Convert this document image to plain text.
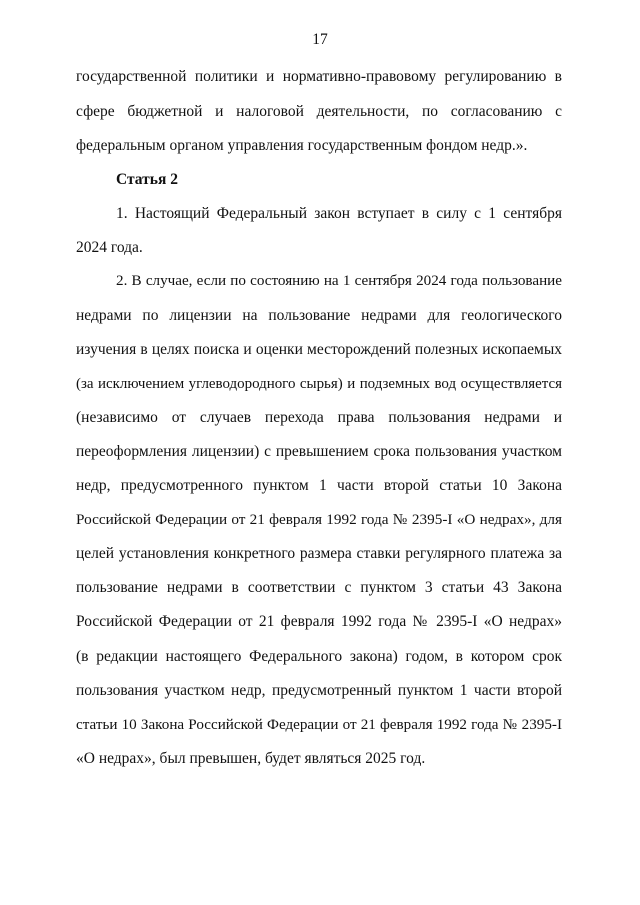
17
государственной политики и нормативно-правовому регулированию в
сфере бюджетной и налоговой деятельности, по согласованию с
федеральным органом управления государственным фондом недр.».
Статья 2
1. Настоящий Федеральный закон вступает в силу с 1 сентября
2024 года.
2. В случае, если по состоянию на 1 сентября 2024 года пользование
недрами по лицензии на пользование недрами для геологического
изучения в целях поиска и оценки месторождений полезных ископаемых
(за исключением углеводородного сырья) и подземных вод осуществляется
(независимо от случаев перехода права пользования недрами и
переоформления лицензии) с превышением срока пользования участком
недр, предусмотренного пунктом 1 части второй статьи 10 Закона
Российской Федерации от 21 февраля 1992 года № 2395-I «О недрах», для
целей установления конкретного размера ставки регулярного платежа за
пользование недрами в соответствии с пунктом 3 статьи 43 Закона
Российской Федерации от 21 февраля 1992 года № 2395-I «О недрах»
(в редакции настоящего Федерального закона) годом, в котором срок
пользования участком недр, предусмотренный пунктом 1 части второй
статьи 10 Закона Российской Федерации от 21 февраля 1992 года № 2395-I
«О недрах», был превышен, будет являться 2025 год.
